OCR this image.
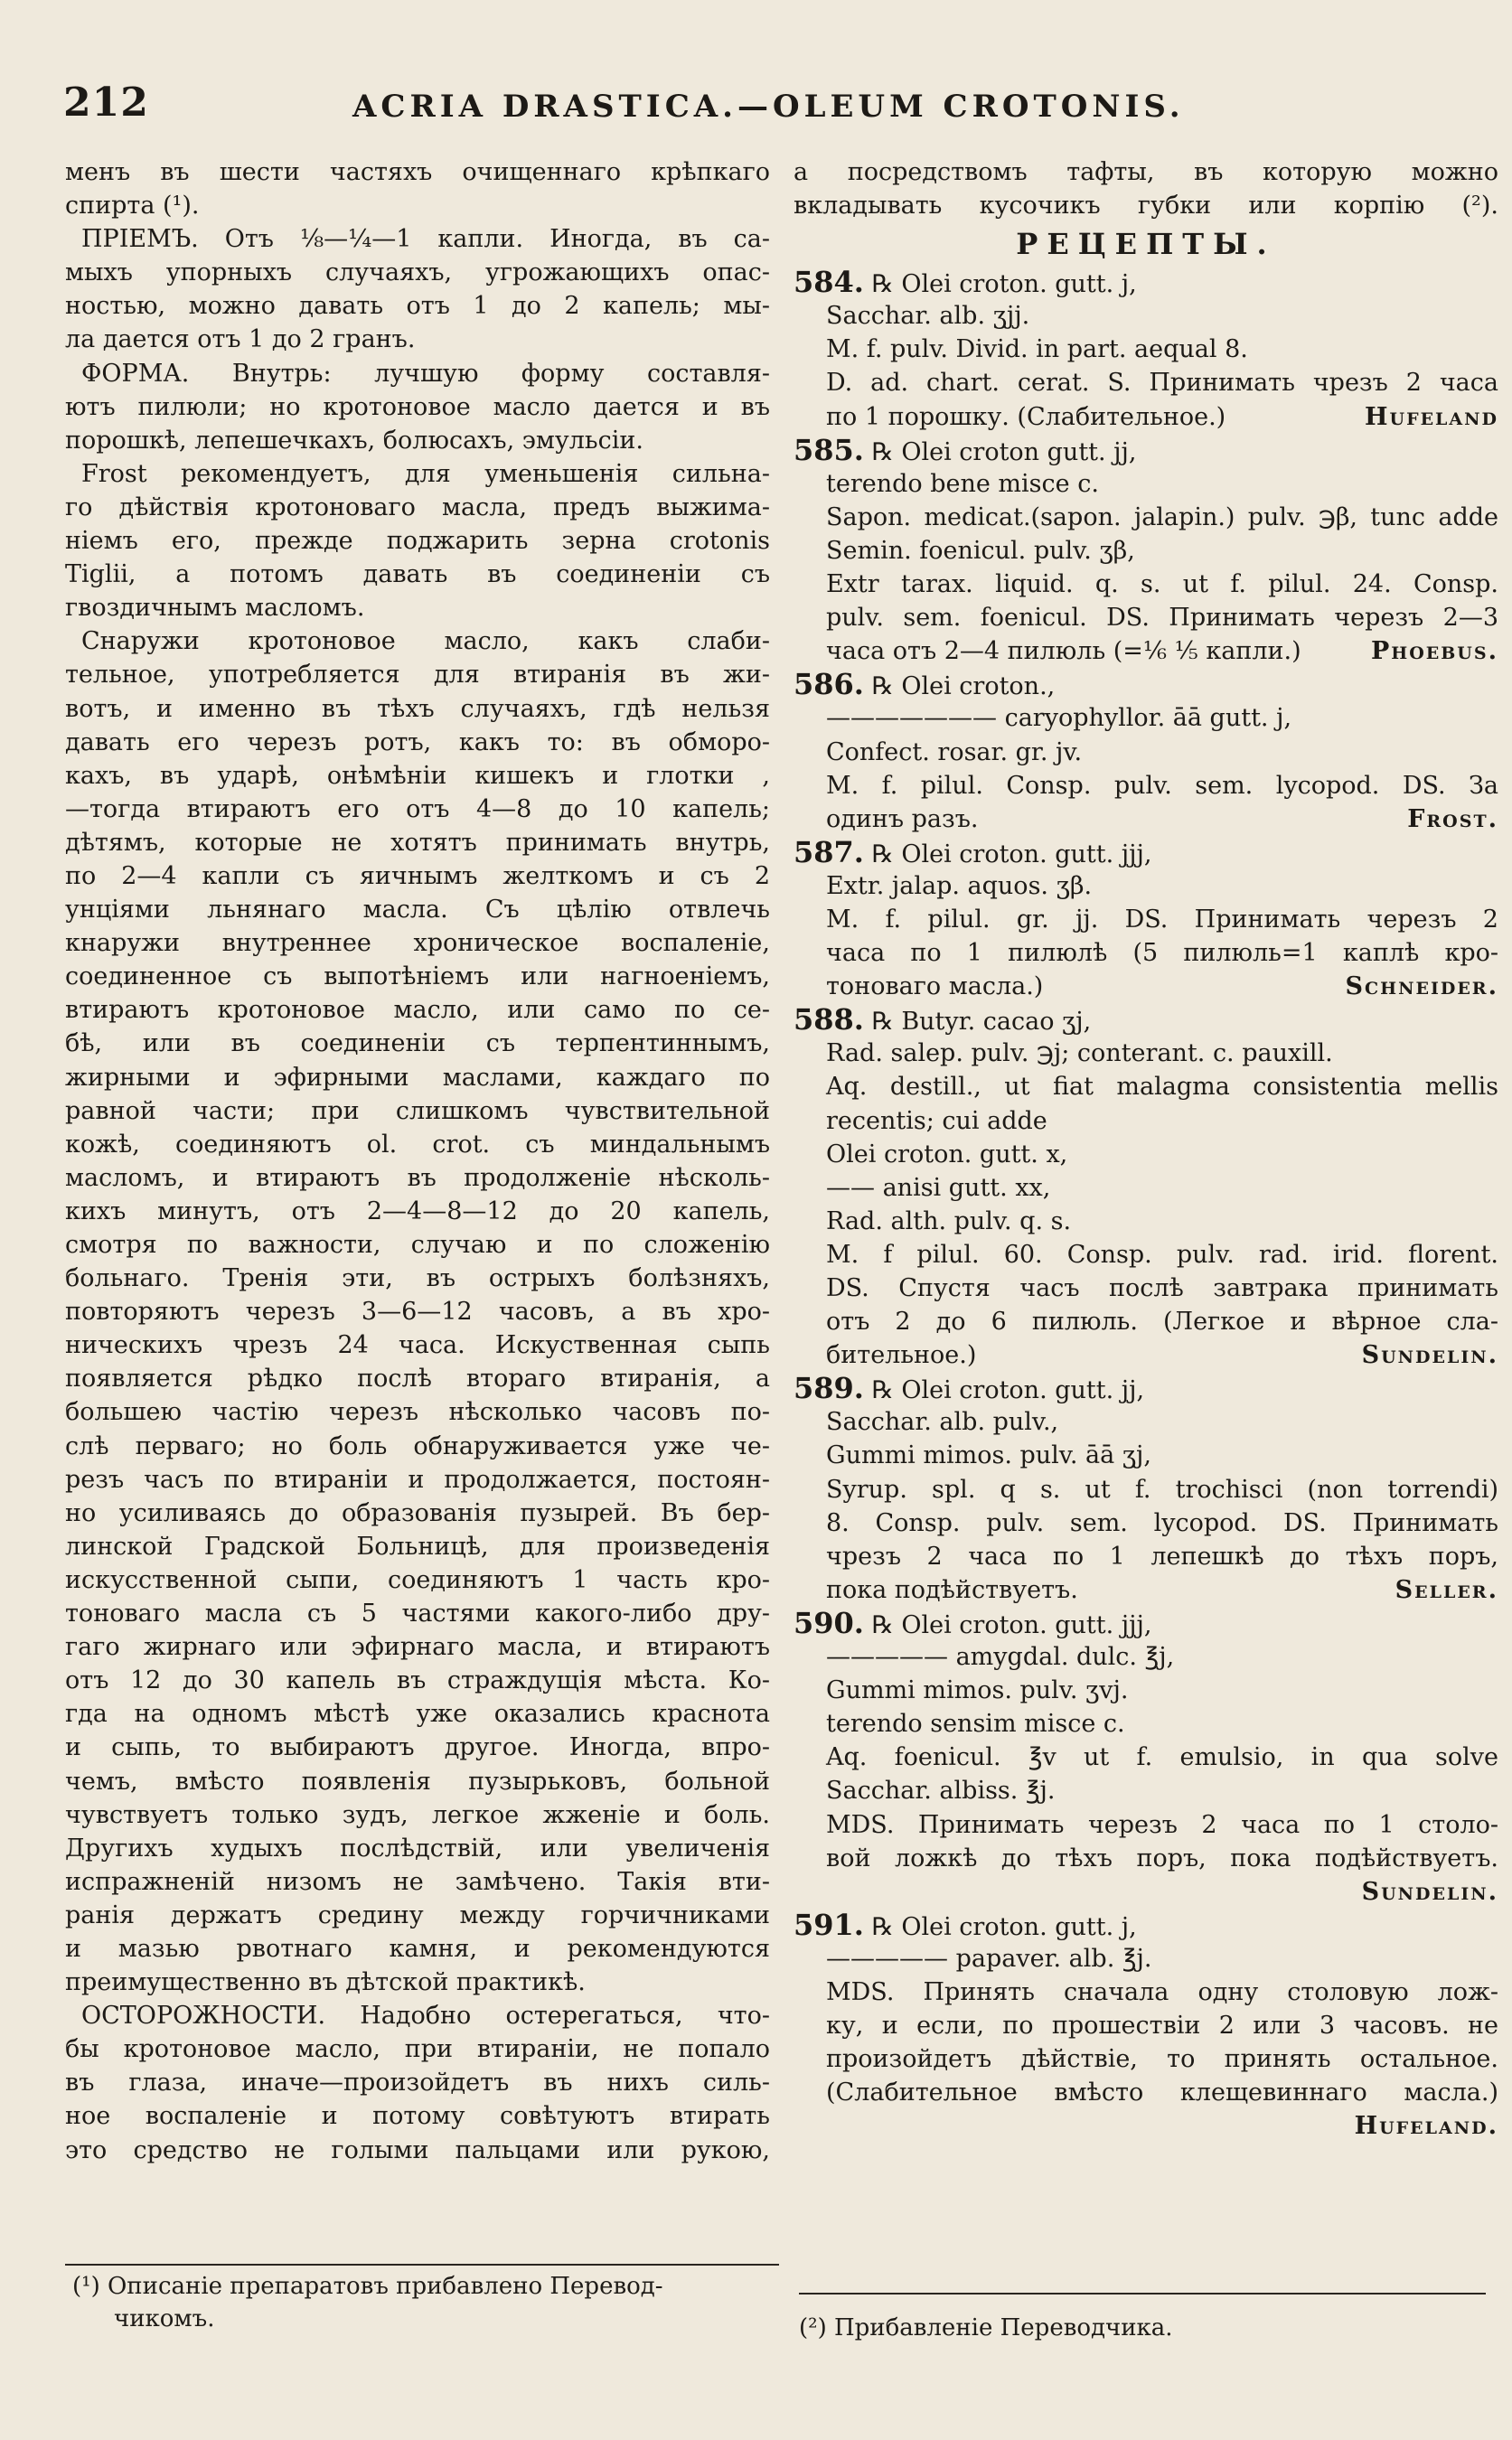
212	ACRIA DRASTICA.—OLEUM CROTONIS.
менъ въ шести частяхъ очищеннаго крѣпкаго
спирта (¹).
ПРІЕМЪ. Отъ ⅛—¼—1 капли. Иногда, въ са-
мыхъ упорныхъ случаяхъ, угрожающихъ опас-
ностью, можно давать отъ 1 до 2 капель; мы-
ла дается отъ 1 до 2 гранъ.
ФОРМА. Внутрь: лучшую форму составля-
ютъ пилюли; но кротоновое масло дается и въ
порошкѣ, лепешечкахъ, болюсахъ, эмульсіи.
Frost рекомендуетъ, для уменьшенія сильна-
го дѣйствія кротоноваго масла, предъ выжима-
ніемъ его, прежде поджарить зерна crotonis
Tiglii, а потомъ давать въ соединеніи съ
гвоздичнымъ масломъ.
Снаружи кротоновое масло, какъ слаби-
тельное, употребляется для втиранія въ жи-
вотъ, и именно въ тѣхъ случаяхъ, гдѣ нельзя
давать его черезъ ротъ, какъ то: въ обморо-
кахъ, въ ударѣ, онѣмѣніи кишекъ и глотки ,
—тогда втираютъ его отъ 4—8 до 10 капель;
дѣтямъ, которые не хотятъ принимать внутрь,
по 2—4 капли съ яичнымъ желткомъ и съ 2
унціями льнянаго масла. Съ цѣлію отвлечь
кнаружи внутреннее хроническое воспаленіе,
соединенное съ выпотѣніемъ или нагноеніемъ,
втираютъ кротоновое масло, или само по се-
бѣ, или въ соединеніи съ терпентиннымъ,
жирными и эфирными маслами, каждаго по
равной части; при слишкомъ чувствительной
кожѣ, соединяютъ ol. crot. съ миндальнымъ
масломъ, и втираютъ въ продолженіе нѣсколь-
кихъ минутъ, отъ 2—4—8—12 до 20 капель,
смотря по важности, случаю и по сложенію
больнаго. Тренія эти, въ острыхъ болѣзняхъ,
повторяютъ черезъ 3—6—12 часовъ, а въ хро-
ническихъ чрезъ 24 часа. Искуственная сыпь
появляется рѣдко послѣ втораго втиранія, а
большею частію черезъ нѣсколько часовъ по-
слѣ перваго; но боль обнаруживается уже че-
резъ часъ по втираніи и продолжается, постоян-
но усиливаясь до образованія пузырей. Въ бер-
линской Градской Больницѣ, для произведенія
искусственной сыпи, соединяютъ 1 часть кро-
тоноваго масла съ 5 частями какого-либо дру-
гаго жирнаго или эфирнаго масла, и втираютъ
отъ 12 до 30 капель въ страждущія мѣста. Ко-
гда на одномъ мѣстѣ уже оказались краснота
и сыпь, то выбираютъ другое. Иногда, впро-
чемъ, вмѣсто появленія пузырьковъ, больной
чувствуетъ только зудъ, легкое жженіе и боль.
Другихъ худыхъ послѣдствій, или увеличенія
испражненій низомъ не замѣчено. Такія вти-
ранія держатъ средину между горчичниками
и мазью рвотнаго камня, и рекомендуются
преимущественно въ дѣтской практикѣ.
ОСТОРОЖНОСТИ. Надобно остерегаться, что-
бы кротоновое масло, при втираніи, не попало
въ глаза, иначе—произойдетъ въ нихъ силь-
ное воспаленіе и потому совѣтуютъ втирать
это средство не голыми пальцами или рукою,
(¹) Описаніе препаратовъ прибавлено Перевод-
чикомъ.
а посредствомъ тафты, въ которую можно
вкладывать кусочикъ губки или корпію (²).
РЕЦЕПТЫ.
584. ℞ Olei croton. gutt. j,
Sacchar. alb. ʒjj.
M. f. pulv. Divid. in part. aequal 8.
D. ad. chart. cerat. S. Принимать чрезъ 2 часа
по 1 порошку. (Слабительное.)	Hufeland
585. ℞ Olei croton gutt. jj,
terendo bene misce c.
Sapon. medicat.(sapon. jalapin.) pulv. ℈β, tunc adde
Semin. foenicul. pulv. ʒβ,
Extr tarax. liquid. q. s. ut f. pilul. 24. Consp.
pulv. sem. foenicul. DS. Принимать черезъ 2—3
часа отъ 2—4 пилюль (=⅙ ⅕ капли.)	Phoebus.
586. ℞ Olei croton.,
——————— caryophyllor. āā gutt. j,
Confect. rosar. gr. jv.
M. f. pilul. Consp. pulv. sem. lycopod. DS. За
одинъ разъ.	Frost.
587. ℞ Olei croton. gutt. jjj,
Extr. jalap. aquos. ʒβ.
M. f. pilul. gr. jj. DS. Принимать черезъ 2
часа по 1 пилюлѣ (5 пилюль=1 каплѣ кро-
тоноваго масла.)	Schneider.
588. ℞ Butyr. cacao ʒj,
Rad. salep. pulv. ℈j; conterant. c. pauxill.
Aq. destill., ut fiat malagma consistentia mellis
recentis; cui adde
Olei croton. gutt. x,
—— anisi gutt. xx,
Rad. alth. pulv. q. s.
M. f pilul. 60. Consp. pulv. rad. irid. florent.
DS. Спустя часъ послѣ завтрака принимать
отъ 2 до 6 пилюль. (Легкое и вѣрное сла-
бительное.)	Sundelin.
589. ℞ Olei croton. gutt. jj,
Sacchar. alb. pulv.,
Gummi mimos. pulv. āā ʒj,
Syrup. spl. q s. ut f. trochisci (non torrendi)
8. Consp. pulv. sem. lycopod. DS. Принимать
чрезъ 2 часа по 1 лепешкѣ до тѣхъ поръ,
пока подѣйствуетъ.	Seller.
590. ℞ Olei croton. gutt. jjj,
————— amygdal. dulc. ℥j,
Gummi mimos. pulv. ʒvj.
terendo sensim misce c.
Aq. foenicul. ℥v ut f. emulsio, in qua solve
Sacchar. albiss. ℥j.
MDS. Принимать черезъ 2 часа по 1 столо-
вой ложкѣ до тѣхъ поръ, пока подѣйствуетъ.
Sundelin.
591. ℞ Olei croton. gutt. j,
————— papaver. alb. ℥j.
MDS. Принять сначала одну столовую лож-
ку, и если, по прошествіи 2 или 3 часовъ. не
произойдетъ дѣйствіе, то принять остальное.
(Слабительное вмѣсто клещевиннаго масла.)
Hufeland.
(²) Прибавленіе Переводчика.
